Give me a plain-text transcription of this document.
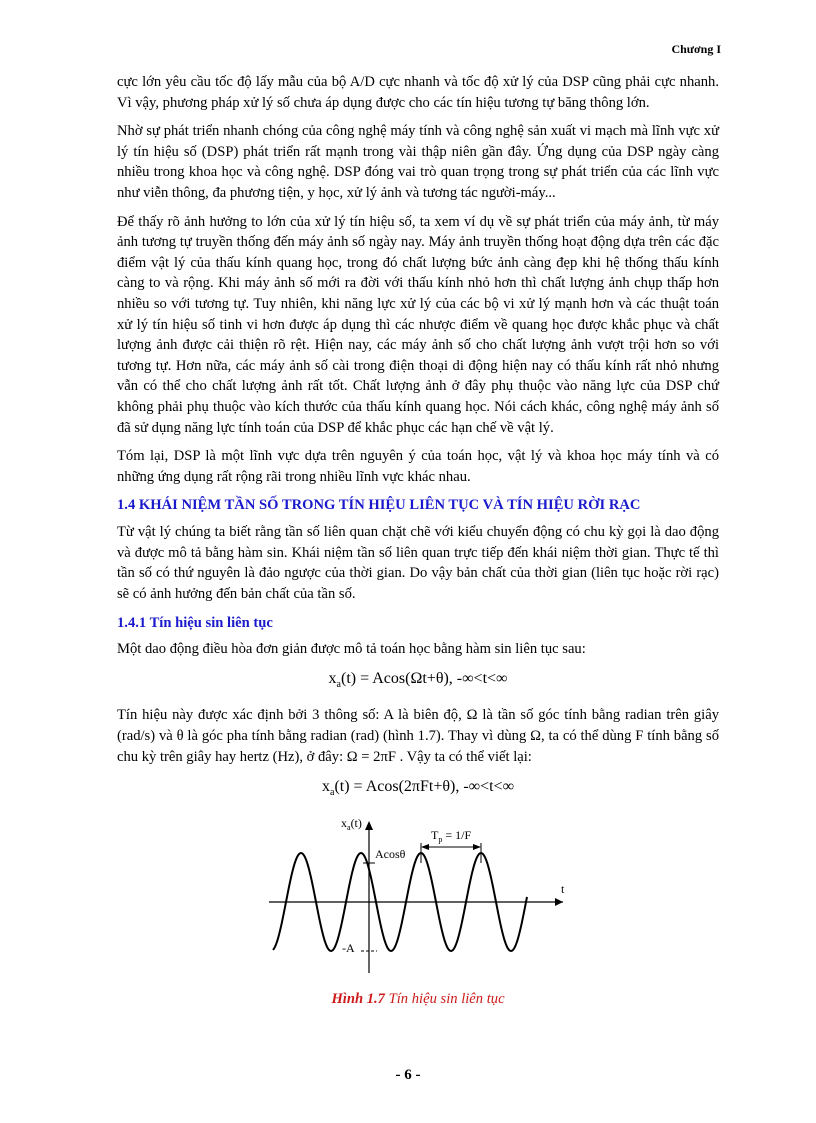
Chương I

cực lớn yêu cầu tốc độ lấy mẫu của bộ A/D cực nhanh và tốc độ xử lý của DSP cũng phải cực nhanh. Vì vậy, phương pháp xử lý số chưa áp dụng được cho các tín hiệu tương tự băng thông lớn.

Nhờ sự phát triển nhanh chóng của công nghệ máy tính và công nghệ sản xuất vi mạch mà lĩnh vực xử lý tín hiệu số (DSP) phát triển rất mạnh trong vài thập niên gần đây. Ứng dụng của DSP ngày càng nhiều trong khoa học và công nghệ. DSP đóng vai trò quan trọng trong sự phát triển của các lĩnh vực như viễn thông, đa phương tiện, y học, xử lý ảnh và tương tác người-máy...

Để thấy rõ ảnh hưởng to lớn của xử lý tín hiệu số, ta xem ví dụ về sự phát triển của máy ảnh, từ máy ảnh tương tự truyền thống đến máy ảnh số ngày nay. Máy ảnh truyền thống hoạt động dựa trên các đặc điểm vật lý của thấu kính quang học, trong đó chất lượng bức ảnh càng đẹp khi hệ thống thấu kính càng to và rộng. Khi máy ảnh số mới ra đời với thấu kính nhỏ hơn thì chất lượng ảnh chụp thấp hơn nhiều so với tương tự. Tuy nhiên, khi năng lực xử lý của các bộ vi xử lý mạnh hơn và các thuật toán xử lý tín hiệu số tinh vi hơn được áp dụng thì các nhược điểm về quang học được khắc phục và chất lượng ảnh được cải thiện rõ rệt. Hiện nay, các máy ảnh số cho chất lượng ảnh vượt trội hơn so với tương tự. Hơn nữa, các máy ảnh số cài trong điện thoại di động hiện nay có thấu kính rất nhỏ nhưng vẫn có thể cho chất lượng ảnh rất tốt. Chất lượng ảnh ở đây phụ thuộc vào năng lực của DSP chứ không phải phụ thuộc vào kích thước của thấu kính quang học. Nói cách khác, công nghệ máy ảnh số đã sử dụng năng lực tính toán của DSP để khắc phục các hạn chế về vật lý.

Tóm lại, DSP là một lĩnh vực dựa trên nguyên ý của toán học, vật lý và khoa học máy tính và có những ứng dụng rất rộng rãi trong nhiều lĩnh vực khác nhau.

1.4 KHÁI NIỆM TẦN SỐ TRONG TÍN HIỆU LIÊN TỤC VÀ TÍN HIỆU RỜI RẠC

Từ vật lý chúng ta biết rằng tần số liên quan chặt chẽ với kiểu chuyển động có chu kỳ gọi là dao động và được mô tả bằng hàm sin. Khái niệm tần số liên quan trực tiếp đến khái niệm thời gian. Thực tế thì tần số có thứ nguyên là đảo ngược của thời gian. Do vậy bản chất của thời gian (liên tục hoặc rời rạc) sẽ có ảnh hưởng đến bản chất của tần số.

1.4.1 Tín hiệu sin liên tục

Một dao động điều hòa đơn giản được mô tả toán học bằng hàm sin liên tục sau:

$x_a(t) = Acos(\Omega t+\theta)$, -∞<t<∞

Tín hiệu này được xác định bởi 3 thông số: A là biên độ, Ω là tần số góc tính bằng radian trên giây (rad/s) và θ là góc pha tính bằng radian (rad) (hình 1.7). Thay vì dùng Ω, ta có thể dùng F tính bằng số chu kỳ trên giây hay hertz (Hz), ở đây: Ω = 2πF . Vậy ta có thể viết lại:

$x_a(t) = Acos(2\pi Ft+\theta)$, -∞<t<∞
Acosθ
-A
$x_a(t)$
t
$T_p = 1/F$
Hình 1.7 Tín hiệu sin liên tục
- 6 -
